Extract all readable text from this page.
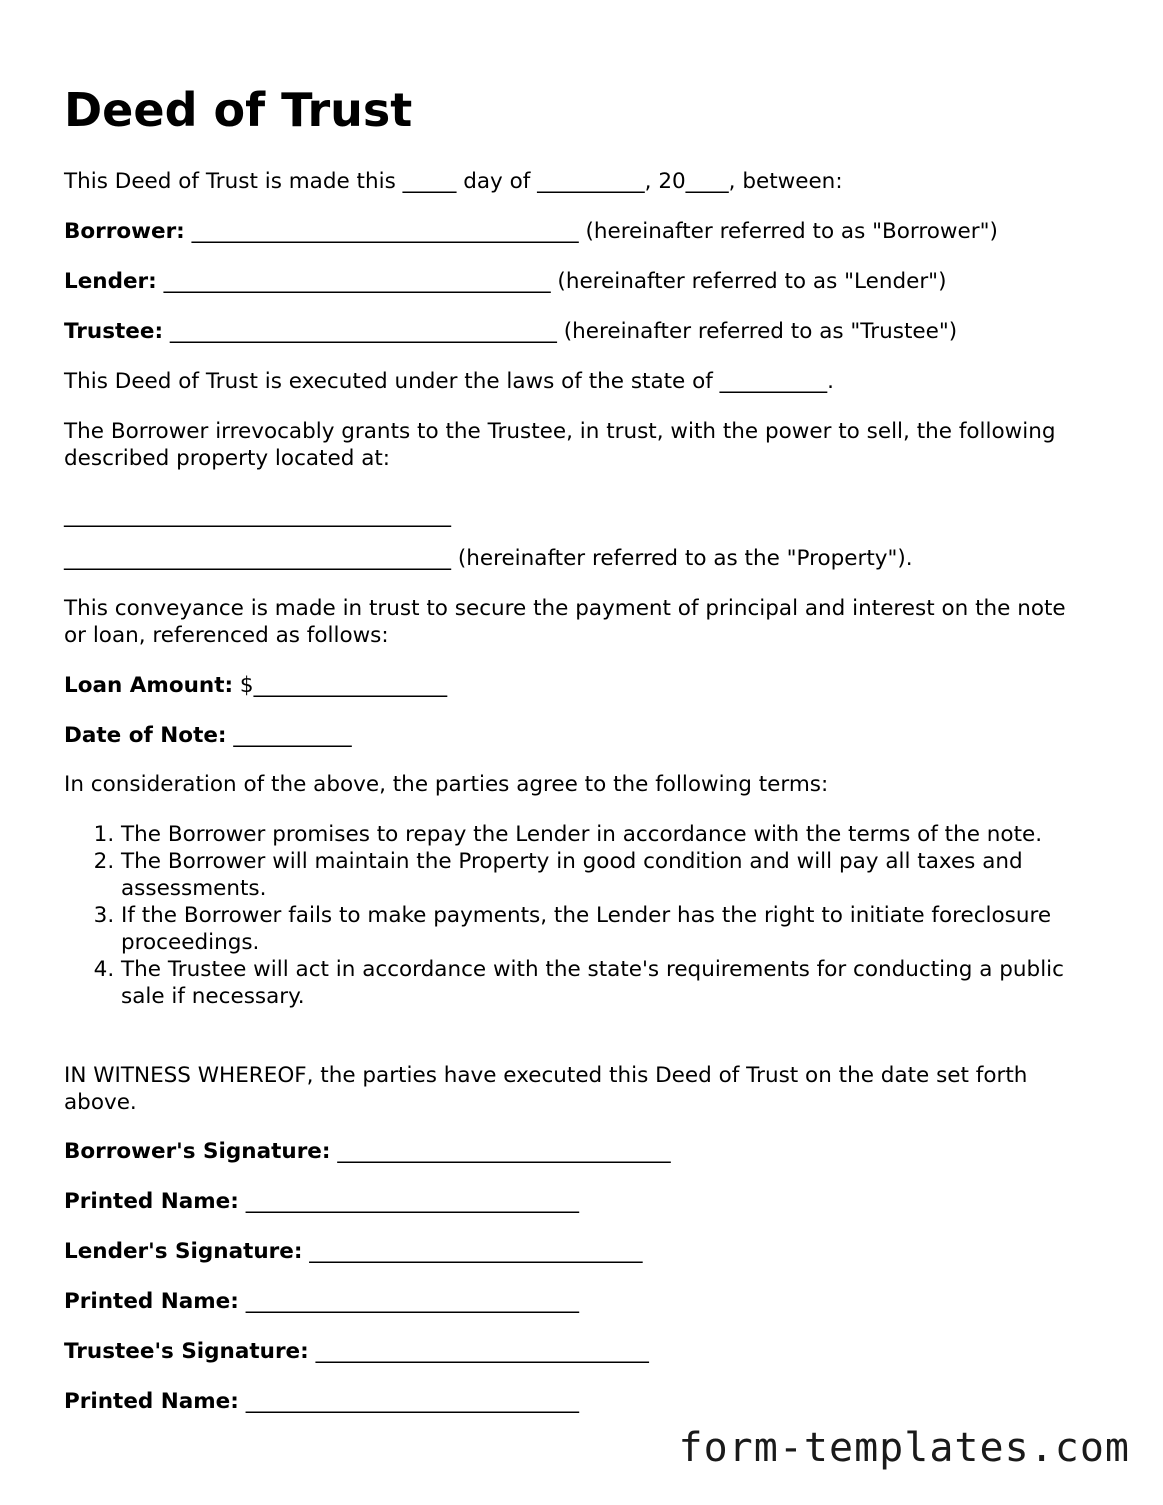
Deed of Trust

This Deed of Trust is made this _____ day of __________, 20____, between:

Borrower: ____________________________________ (hereinafter referred to as "Borrower")

Lender: ____________________________________ (hereinafter referred to as "Lender")

Trustee: ____________________________________ (hereinafter referred to as "Trustee")

This Deed of Trust is executed under the laws of the state of __________.

The Borrower irrevocably grants to the Trustee, in trust, with the power to sell, the following described property located at:

____________________________________

____________________________________ (hereinafter referred to as the "Property").

This conveyance is made in trust to secure the payment of principal and interest on the note or loan, referenced as follows:

Loan Amount: $__________________

Date of Note: ___________

In consideration of the above, the parties agree to the following terms:

1. The Borrower promises to repay the Lender in accordance with the terms of the note.
2. The Borrower will maintain the Property in good condition and will pay all taxes and assessments.
3. If the Borrower fails to make payments, the Lender has the right to initiate foreclosure proceedings.
4. The Trustee will act in accordance with the state's requirements for conducting a public sale if necessary.

IN WITNESS WHEREOF, the parties have executed this Deed of Trust on the date set forth above.

Borrower's Signature: _______________________________

Printed Name: _______________________________

Lender's Signature: _______________________________

Printed Name: _______________________________

Trustee's Signature: _______________________________

Printed Name: _______________________________

form-templates.com
